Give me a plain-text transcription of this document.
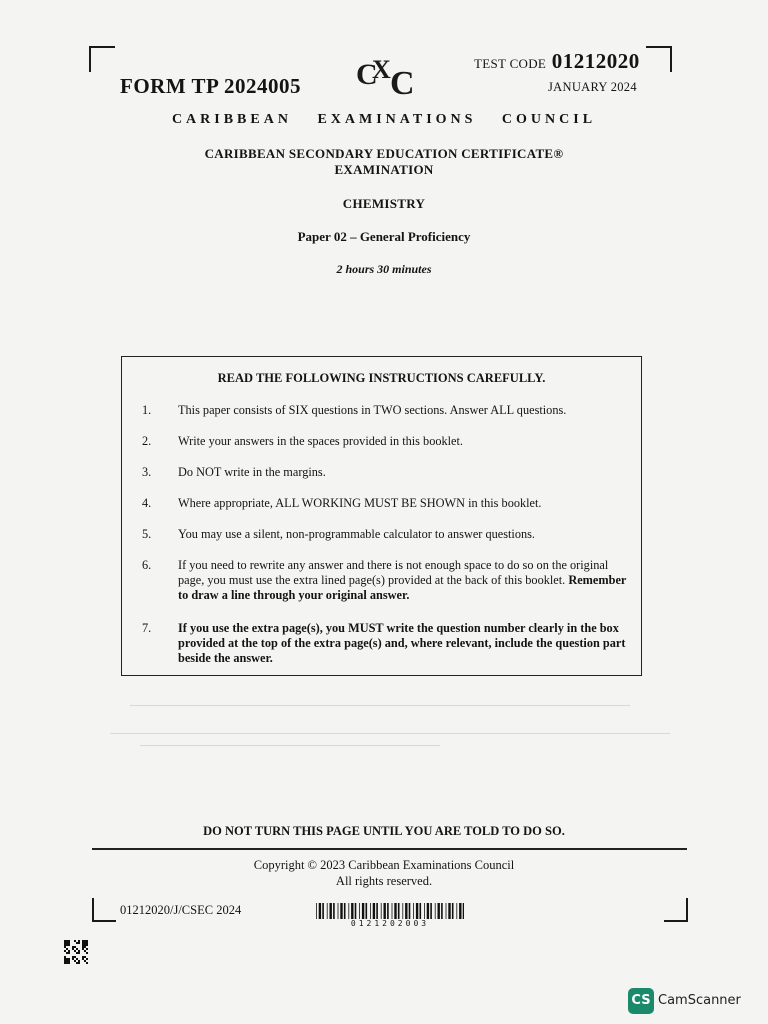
FORM TP 2024005 C
X C
TEST CODE 01212020
JANUARY 2024
CARIBBEAN EXAMINATIONS COUNCIL
CARIBBEAN SECONDARY EDUCATION CERTIFICATE®
EXAMINATION
CHEMISTRY
Paper 02 – General Proficiency
2 hours 30 minutes
READ THE FOLLOWING INSTRUCTIONS CAREFULLY.
1.	This paper consists of SIX questions in TWO sections. Answer ALL questions.
2.	Write your answers in the spaces provided in this booklet.
3.	Do NOT write in the margins.
4.	Where appropriate, ALL WORKING MUST BE SHOWN in this booklet.
5.	You may use a silent, non-programmable calculator to answer questions.
6.	If you need to rewrite any answer and there is not enough space to do so on the original page, you must use the extra lined page(s) provided at the back of this booklet. Remember to draw a line through your original answer.
7.	If you use the extra page(s), you MUST write the question number clearly in the box provided at the top of the extra page(s) and, where relevant, include the question part beside the answer.
DO NOT TURN THIS PAGE UNTIL YOU ARE TOLD TO DO SO.
Copyright © 2023 Caribbean Examinations Council
All rights reserved.
01212020/J/CSEC 2024
0121202003
CS CamScanner
